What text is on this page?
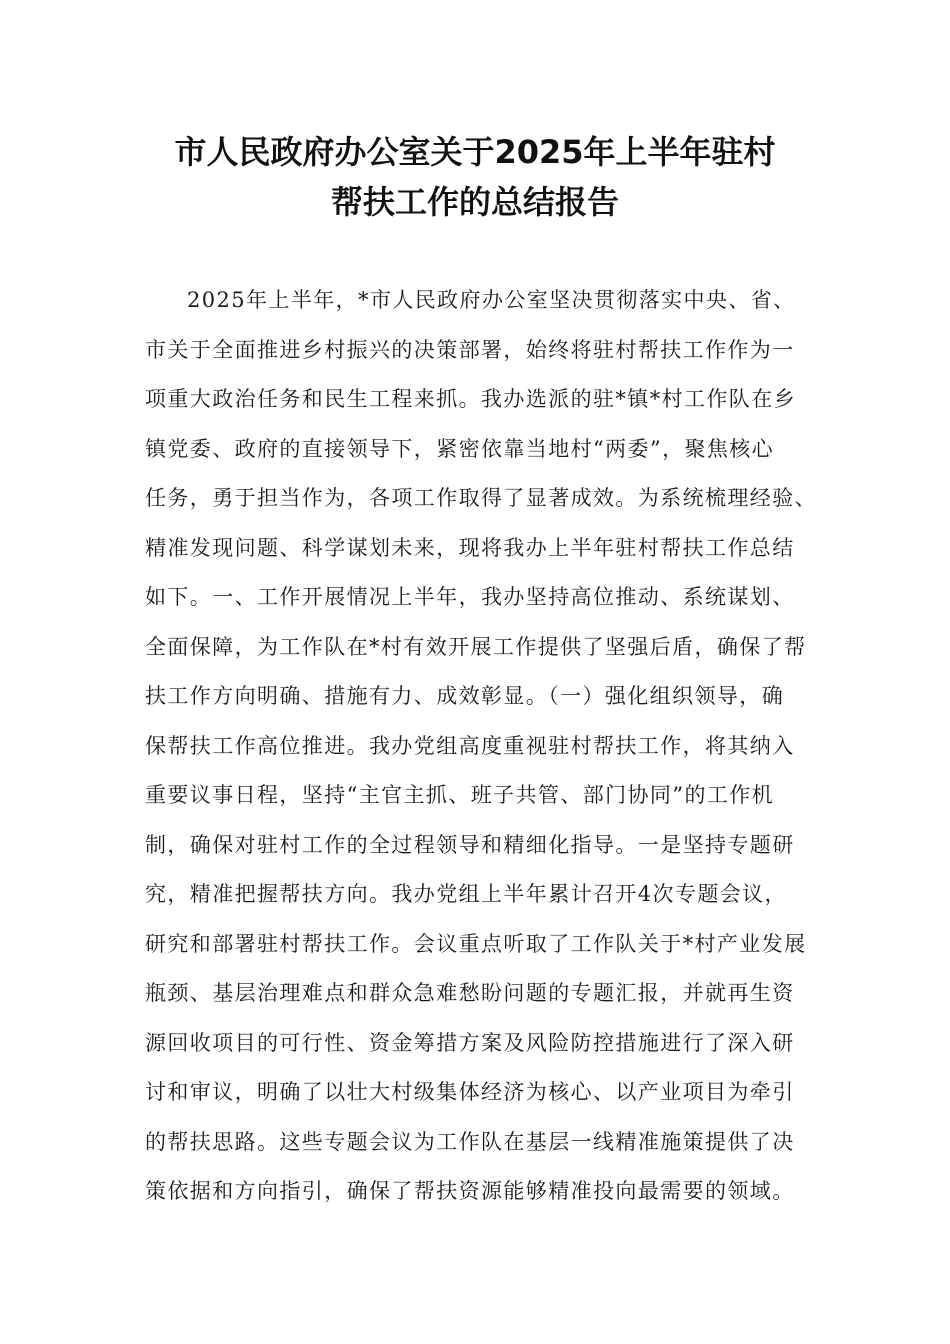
市人民政府办公室关于2025年上半年驻村
帮扶工作的总结报告
2025年上半年，*市人民政府办公室坚决贯彻落实中央、省、
市关于全面推进乡村振兴的决策部署，始终将驻村帮扶工作作为一
项重大政治任务和民生工程来抓。我办选派的驻*镇*村工作队在乡
镇党委、政府的直接领导下，紧密依靠当地村“两委”，聚焦核心
任务，勇于担当作为，各项工作取得了显著成效。为系统梳理经验、
精准发现问题、科学谋划未来，现将我办上半年驻村帮扶工作总结
如下。一、工作开展情况上半年，我办坚持高位推动、系统谋划、
全面保障，为工作队在*村有效开展工作提供了坚强后盾，确保了帮
扶工作方向明确、措施有力、成效彰显。（一）强化组织领导，确
保帮扶工作高位推进。我办党组高度重视驻村帮扶工作，将其纳入
重要议事日程，坚持“主官主抓、班子共管、部门协同”的工作机
制，确保对驻村工作的全过程领导和精细化指导。一是坚持专题研
究，精准把握帮扶方向。我办党组上半年累计召开4次专题会议，
研究和部署驻村帮扶工作。会议重点听取了工作队关于*村产业发展
瓶颈、基层治理难点和群众急难愁盼问题的专题汇报，并就再生资
源回收项目的可行性、资金筹措方案及风险防控措施进行了深入研
讨和审议，明确了以壮大村级集体经济为核心、以产业项目为牵引
的帮扶思路。这些专题会议为工作队在基层一线精准施策提供了决
策依据和方向指引，确保了帮扶资源能够精准投向最需要的领域。
